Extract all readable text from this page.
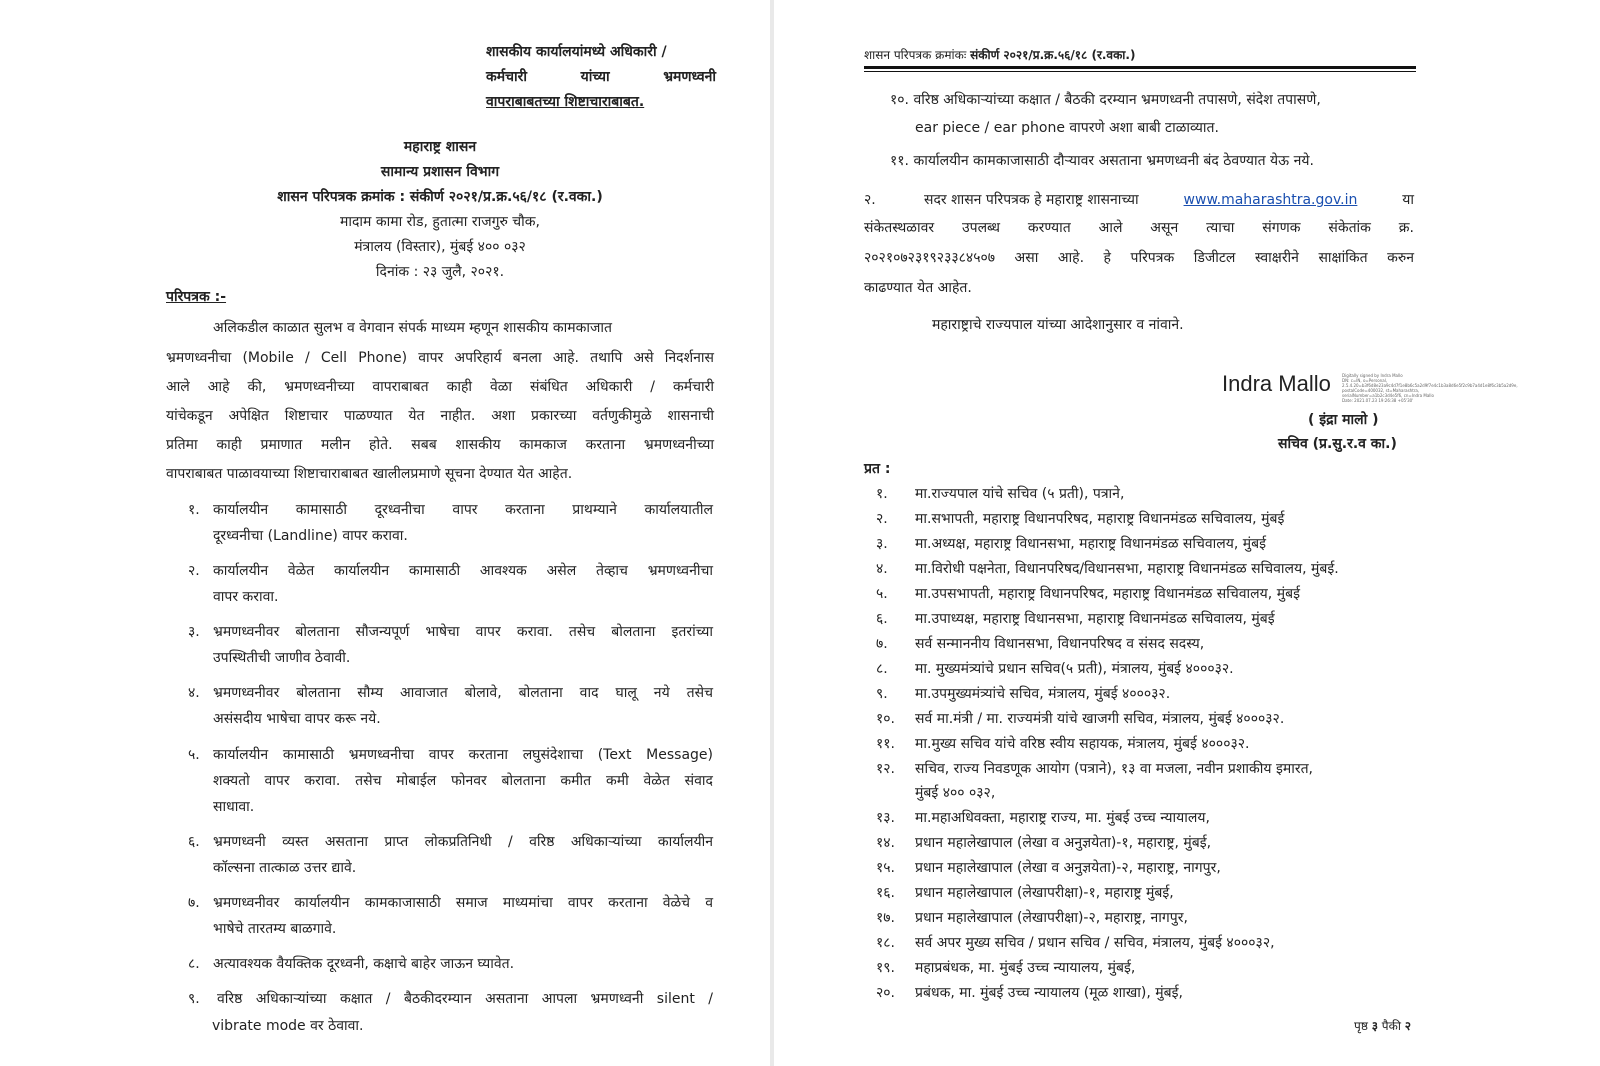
शासकीय कार्यालयांमध्ये अधिकारी /
कर्मचारी यांच्या भ्रमणध्वनी
वापराबाबतच्या शिष्टाचाराबाबत.
महाराष्ट्र शासन
सामान्य प्रशासन विभाग
शासन परिपत्रक क्रमांक : संकीर्ण २०२१/प्र.क्र.५६/१८ (र.वका.)
मादाम कामा रोड, हुतात्मा राजगुरु चौक,
मंत्रालय (विस्तार), मुंबई ४०० ०३२
दिनांक : २३ जुलै, २०२१.
परिपत्रक :-
अलिकडील काळात सुलभ व वेगवान संपर्क माध्यम म्हणून शासकीय कामकाजात
भ्रमणध्वनीचा (Mobile / Cell Phone) वापर अपरिहार्य बनला आहे. तथापि असे निदर्शनास
आले आहे की, भ्रमणध्वनीच्या वापराबाबत काही वेळा संबंधित अधिकारी / कर्मचारी
यांचेकडून अपेक्षित शिष्टाचार पाळण्यात येत नाहीत. अशा प्रकारच्या वर्तणुकीमुळे शासनाची
प्रतिमा काही प्रमाणात मलीन होते. सबब शासकीय कामकाज करताना भ्रमणध्वनीच्या
वापराबाबत पाळावयाच्या शिष्टाचाराबाबत खालीलप्रमाणे सूचना देण्यात येत आहेत.
१. कार्यालयीन कामासाठी दूरध्वनीचा वापर करताना प्राथम्याने कार्यालयातील
दूरध्वनीचा (Landline) वापर करावा.
२. कार्यालयीन वेळेत कार्यालयीन कामासाठी आवश्यक असेल तेव्हाच भ्रमणध्वनीचा
वापर करावा.
३. भ्रमणध्वनीवर बोलताना सौजन्यपूर्ण भाषेचा वापर करावा. तसेच बोलताना इतरांच्या
उपस्थितीची जाणीव ठेवावी.
४. भ्रमणध्वनीवर बोलताना सौम्य आवाजात बोलावे, बोलताना वाद घालू नये तसेच
असंसदीय भाषेचा वापर करू नये.
५. कार्यालयीन कामासाठी भ्रमणध्वनीचा वापर करताना लघुसंदेशाचा (Text Message)
शक्यतो वापर करावा. तसेच मोबाईल फोनवर बोलताना कमीत कमी वेळेत संवाद
साधावा.
६. भ्रमणध्वनी व्यस्त असताना प्राप्त लोकप्रतिनिधी / वरिष्ठ अधिकाऱ्यांच्या कार्यालयीन
कॉल्सना तात्काळ उत्तर द्यावे.
७. भ्रमणध्वनीवर कार्यालयीन कामकाजासाठी समाज माध्यमांचा वापर करताना वेळेचे व
भाषेचे तारतम्य बाळगावे.
८. अत्यावश्यक वैयक्तिक दूरध्वनी, कक्षाचे बाहेर जाऊन घ्यावेत.
९. वरिष्ठ अधिकाऱ्यांच्या कक्षात / बैठकीदरम्यान असताना आपला भ्रमणध्वनी silent /
vibrate mode वर ठेवावा.
शासन परिपत्रक क्रमांकः संकीर्ण २०२१/प्र.क्र.५६/१८ (र.वका.)
१०. वरिष्ठ अधिकाऱ्यांच्या कक्षात / बैठकी दरम्यान भ्रमणध्वनी तपासणे, संदेश तपासणे,
ear piece / ear phone वापरणे अशा बाबी टाळाव्यात.
११. कार्यालयीन कामकाजासाठी दौऱ्यावर असताना भ्रमणध्वनी बंद ठेवण्यात येऊ नये.
२.	सदर शासन परिपत्रक हे महाराष्ट्र शासनाच्या	www.maharashtra.gov.in	या
संकेतस्थळावर उपलब्ध करण्यात आले असून त्याचा संगणक संकेतांक क्र.
२०२१०७२३१९२३३८४५०७ असा आहे. हे परिपत्रक डिजीटल स्वाक्षरीने साक्षांकित करुन
काढण्यात येत आहेत.
महाराष्ट्राचे राज्यपाल यांच्या आदेशानुसार व नांवाने.
Indra Mallo	Digitally signed by Indra Mallo
DN: c=IN, o=Personal,
2.5.4.20=b3f6d8e23a9c4d7f1e8b6c5a2d9f7e4c1b3a8d6e5f2c9b7a4d1e8f6c3b5a2d9e,
postalCode=400032, st=Maharashtra,
serialNumber=a1b2c3d4e5f6, cn=Indra Mallo
Date: 2021.07.23 19:26:38 +05'30'
( इंद्रा मालो )
सचिव (प्र.सु.र.व का.)
प्रत :
१. मा.राज्यपाल यांचे सचिव (५ प्रती), पत्राने,
२. मा.सभापती, महाराष्ट्र विधानपरिषद, महाराष्ट्र विधानमंडळ सचिवालय, मुंबई
३. मा.अध्यक्ष, महाराष्ट्र विधानसभा, महाराष्ट्र विधानमंडळ सचिवालय, मुंबई
४. मा.विरोधी पक्षनेता, विधानपरिषद/विधानसभा, महाराष्ट्र विधानमंडळ सचिवालय, मुंबई.
५. मा.उपसभापती, महाराष्ट्र विधानपरिषद, महाराष्ट्र विधानमंडळ सचिवालय, मुंबई
६. मा.उपाध्यक्ष, महाराष्ट्र विधानसभा, महाराष्ट्र विधानमंडळ सचिवालय, मुंबई
७. सर्व सन्माननीय विधानसभा, विधानपरिषद व संसद सदस्य,
८. मा. मुख्यमंत्र्यांचे प्रधान सचिव(५ प्रती), मंत्रालय, मुंबई ४०००३२.
९. मा.उपमुख्यमंत्र्यांचे सचिव, मंत्रालय, मुंबई ४०००३२.
१०. सर्व मा.मंत्री / मा. राज्यमंत्री यांचे खाजगी सचिव, मंत्रालय, मुंबई ४०००३२.
११. मा.मुख्य सचिव यांचे वरिष्ठ स्वीय सहायक, मंत्रालय, मुंबई ४०००३२.
१२. सचिव, राज्य निवडणूक आयोग (पत्राने), १३ वा मजला, नवीन प्रशाकीय इमारत,
मुंबई ४०० ०३२,
१३. मा.महाअधिवक्ता, महाराष्ट्र राज्य, मा. मुंबई उच्च न्यायालय,
१४. प्रधान महालेखापाल (लेखा व अनुज्ञयेता)-१, महाराष्ट्र, मुंबई,
१५. प्रधान महालेखापाल (लेखा व अनुज्ञयेता)-२, महाराष्ट्र, नागपुर,
१६. प्रधान महालेखापाल (लेखापरीक्षा)-१, महाराष्ट्र मुंबई,
१७. प्रधान महालेखापाल (लेखापरीक्षा)-२, महाराष्ट्र, नागपुर,
१८. सर्व अपर मुख्य सचिव / प्रधान सचिव / सचिव, मंत्रालय, मुंबई ४०००३२,
१९. महाप्रबंधक, मा. मुंबई उच्च न्यायालय, मुंबई,
२०. प्रबंधक, मा. मुंबई उच्च न्यायालय (मूळ शाखा), मुंबई,
पृष्ठ ३ पैकी २
